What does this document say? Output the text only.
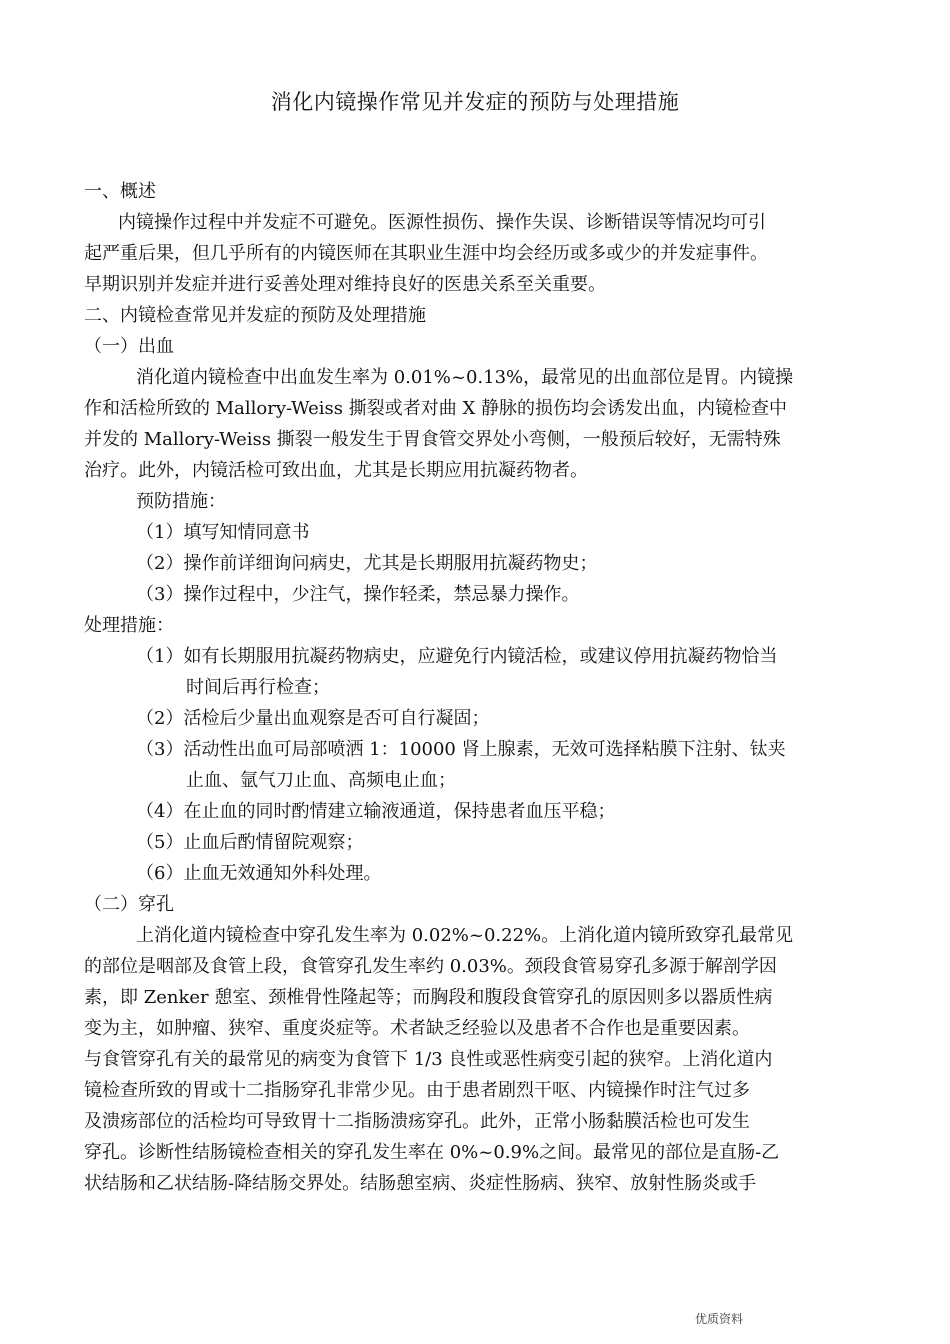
消化内镜操作常见并发症的预防与处理措施
一、概述
内镜操作过程中并发症不可避免。医源性损伤、操作失误、诊断错误等情况均可引
起严重后果，但几乎所有的内镜医师在其职业生涯中均会经历或多或少的并发症事件。
早期识别并发症并进行妥善处理对维持良好的医患关系至关重要。
二、内镜检查常见并发症的预防及处理措施
（一）出血
消化道内镜检查中出血发生率为 0.01%~0.13%，最常见的出血部位是胃。内镜操
作和活检所致的 Mallory-Weiss 撕裂或者对曲 X 静脉的损伤均会诱发出血，内镜检查中
并发的 Mallory-Weiss 撕裂一般发生于胃食管交界处小弯侧，一般预后较好，无需特殊
治疗。此外，内镜活检可致出血，尤其是长期应用抗凝药物者。
预防措施：
（1）填写知情同意书
（2）操作前详细询问病史，尤其是长期服用抗凝药物史；
（3）操作过程中，少注气，操作轻柔，禁忌暴力操作。
处理措施：
（1）如有长期服用抗凝药物病史，应避免行内镜活检，或建议停用抗凝药物恰当
时间后再行检查；
（2）活检后少量出血观察是否可自行凝固；
（3）活动性出血可局部喷洒 1：10000 肾上腺素，无效可选择粘膜下注射、钛夹
止血、氩气刀止血、高频电止血；
（4）在止血的同时酌情建立输液通道，保持患者血压平稳；
（5）止血后酌情留院观察；
（6）止血无效通知外科处理。
（二）穿孔
上消化道内镜检查中穿孔发生率为 0.02%~0.22%。上消化道内镜所致穿孔最常见
的部位是咽部及食管上段，食管穿孔发生率约 0.03%。颈段食管易穿孔多源于解剖学因
素，即 Zenker 憩室、颈椎骨性隆起等；而胸段和腹段食管穿孔的原因则多以器质性病
变为主，如肿瘤、狭窄、重度炎症等。术者缺乏经验以及患者不合作也是重要因素。
与食管穿孔有关的最常见的病变为食管下 1/3 良性或恶性病变引起的狭窄。上消化道内
镜检查所致的胃或十二指肠穿孔非常少见。由于患者剧烈干呕、内镜操作时注气过多
及溃疡部位的活检均可导致胃十二指肠溃疡穿孔。此外，正常小肠黏膜活检也可发生
穿孔。诊断性结肠镜检查相关的穿孔发生率在 0%~0.9%之间。最常见的部位是直肠-乙
状结肠和乙状结肠-降结肠交界处。结肠憩室病、炎症性肠病、狭窄、放射性肠炎或手
优质资料
